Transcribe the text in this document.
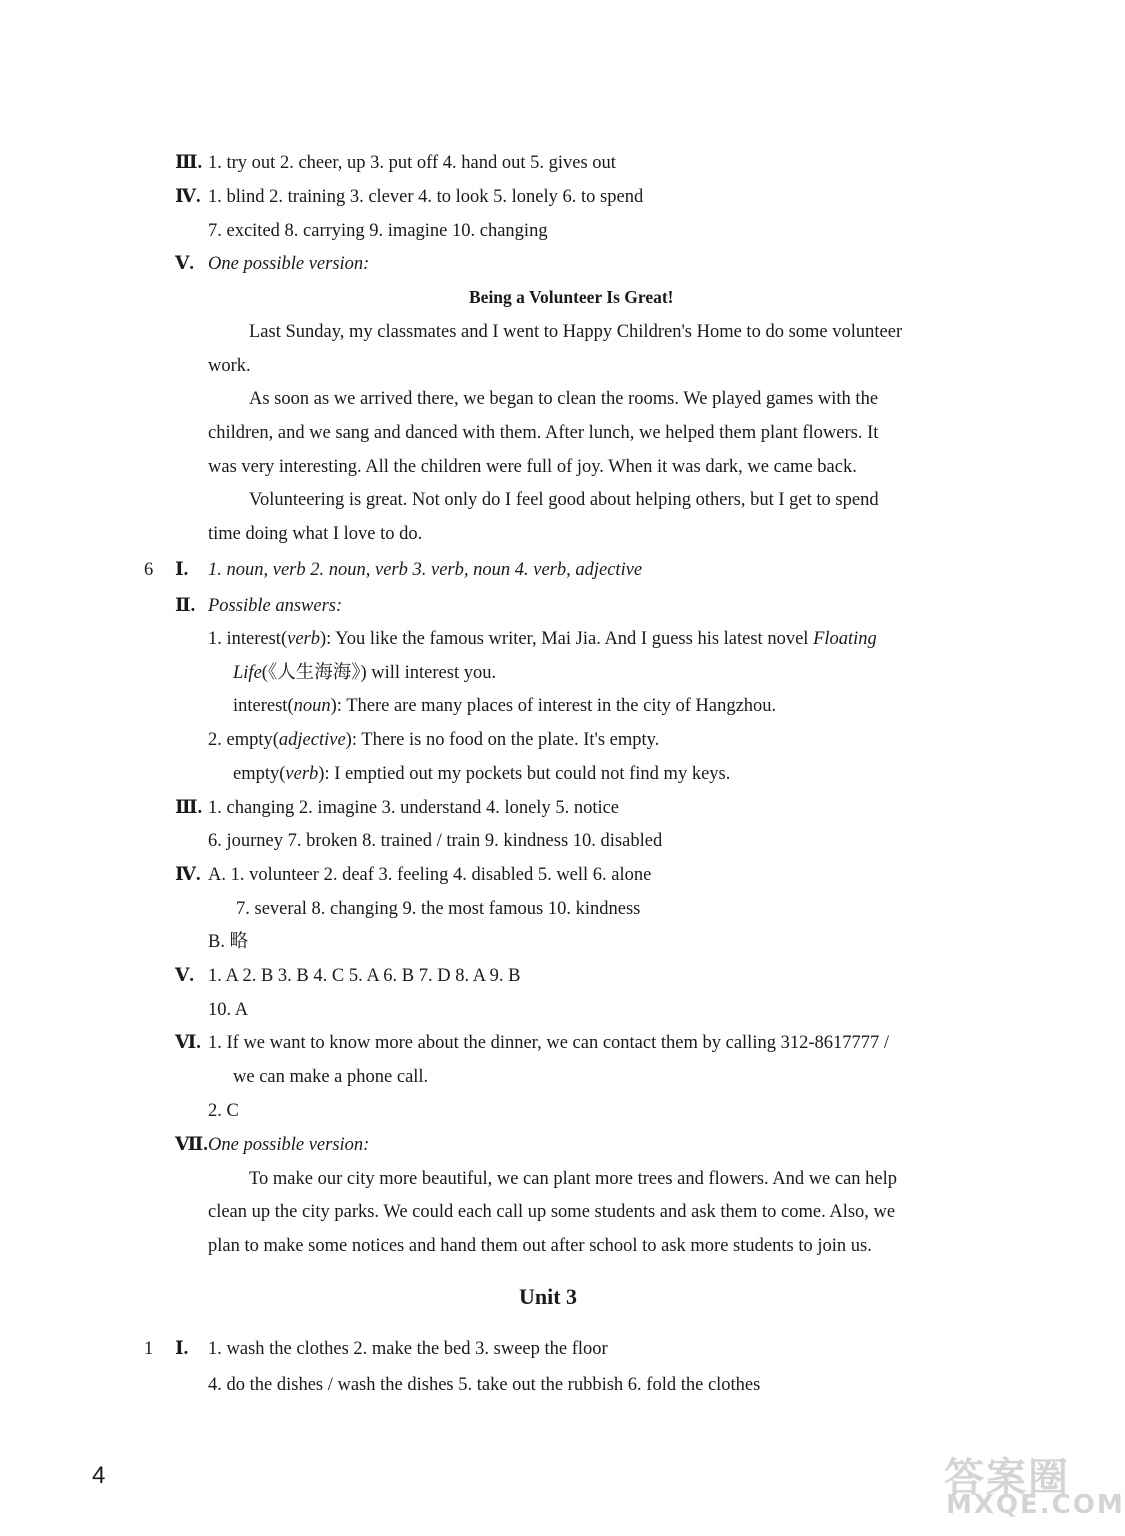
Ⅲ. 1. try out 2. cheer, up 3. put off 4. hand out 5. gives out
Ⅳ. 1. blind 2. training 3. clever 4. to look 5. lonely 6. to spend
7. excited 8. carrying 9. imagine 10. changing
Ⅴ. One possible version:
Being a Volunteer Is Great!
Last Sunday, my classmates and I went to Happy Children's Home to do some volunteer
work.
As soon as we arrived there, we began to clean the rooms. We played games with the
children, and we sang and danced with them. After lunch, we helped them plant flowers. It
was very interesting. All the children were full of joy. When it was dark, we came back.
Volunteering is great. Not only do I feel good about helping others, but I get to spend
time doing what I love to do.
6 Ⅰ. 1. noun, verb 2. noun, verb 3. verb, noun 4. verb, adjective
Ⅱ. Possible answers:
1. interest(verb): You like the famous writer, Mai Jia. And I guess his latest novel Floating
Life(《人生海海》) will interest you.
interest(noun): There are many places of interest in the city of Hangzhou.
2. empty(adjective): There is no food on the plate. It's empty.
empty(verb): I emptied out my pockets but could not find my keys.
Ⅲ. 1. changing 2. imagine 3. understand 4. lonely 5. notice
6. journey 7. broken 8. trained / train 9. kindness 10. disabled
Ⅳ. A. 1. volunteer 2. deaf 3. feeling 4. disabled 5. well 6. alone
7. several 8. changing 9. the most famous 10. kindness
B. 略
Ⅴ. 1. A 2. B 3. B 4. C 5. A 6. B 7. D 8. A 9. B
10. A
Ⅵ. 1. If we want to know more about the dinner, we can contact them by calling 312-8617777 /
we can make a phone call.
2. C
Ⅶ. One possible version:
To make our city more beautiful, we can plant more trees and flowers. And we can help
clean up the city parks. We could each call up some students and ask them to come. Also, we
plan to make some notices and hand them out after school to ask more students to join us.
Unit 3
1 Ⅰ. 1. wash the clothes 2. make the bed 3. sweep the floor
4. do the dishes / wash the dishes 5. take out the rubbish 6. fold the clothes
4	答案圈
MXQE.COM
